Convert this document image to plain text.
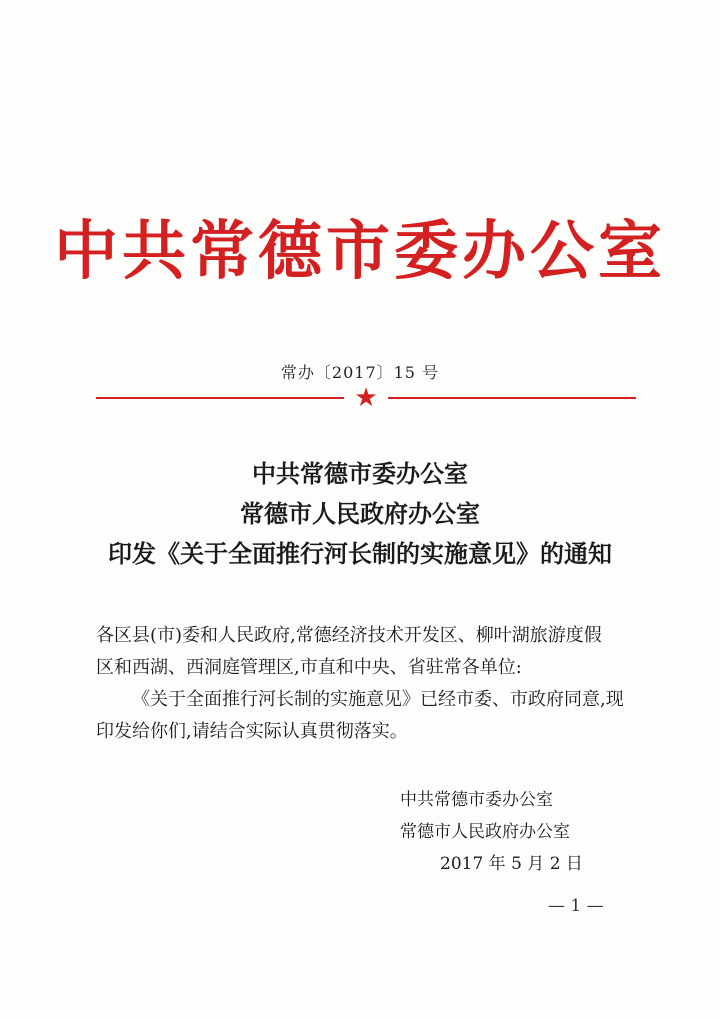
中共常德市委办公室
常办〔2017〕15 号
★
中共常德市委办公室
常德市人民政府办公室
印发《关于全面推行河长制的实施意见》的通知
各区县(市)委和人民政府,常德经济技术开发区、柳叶湖旅游度假
区和西湖、西洞庭管理区,市直和中央、省驻常各单位:
《关于全面推行河长制的实施意见》已经市委、市政府同意,现
印发给你们,请结合实际认真贯彻落实。
中共常德市委办公室
常德市人民政府办公室
2017 年 5 月 2 日
— 1 —
